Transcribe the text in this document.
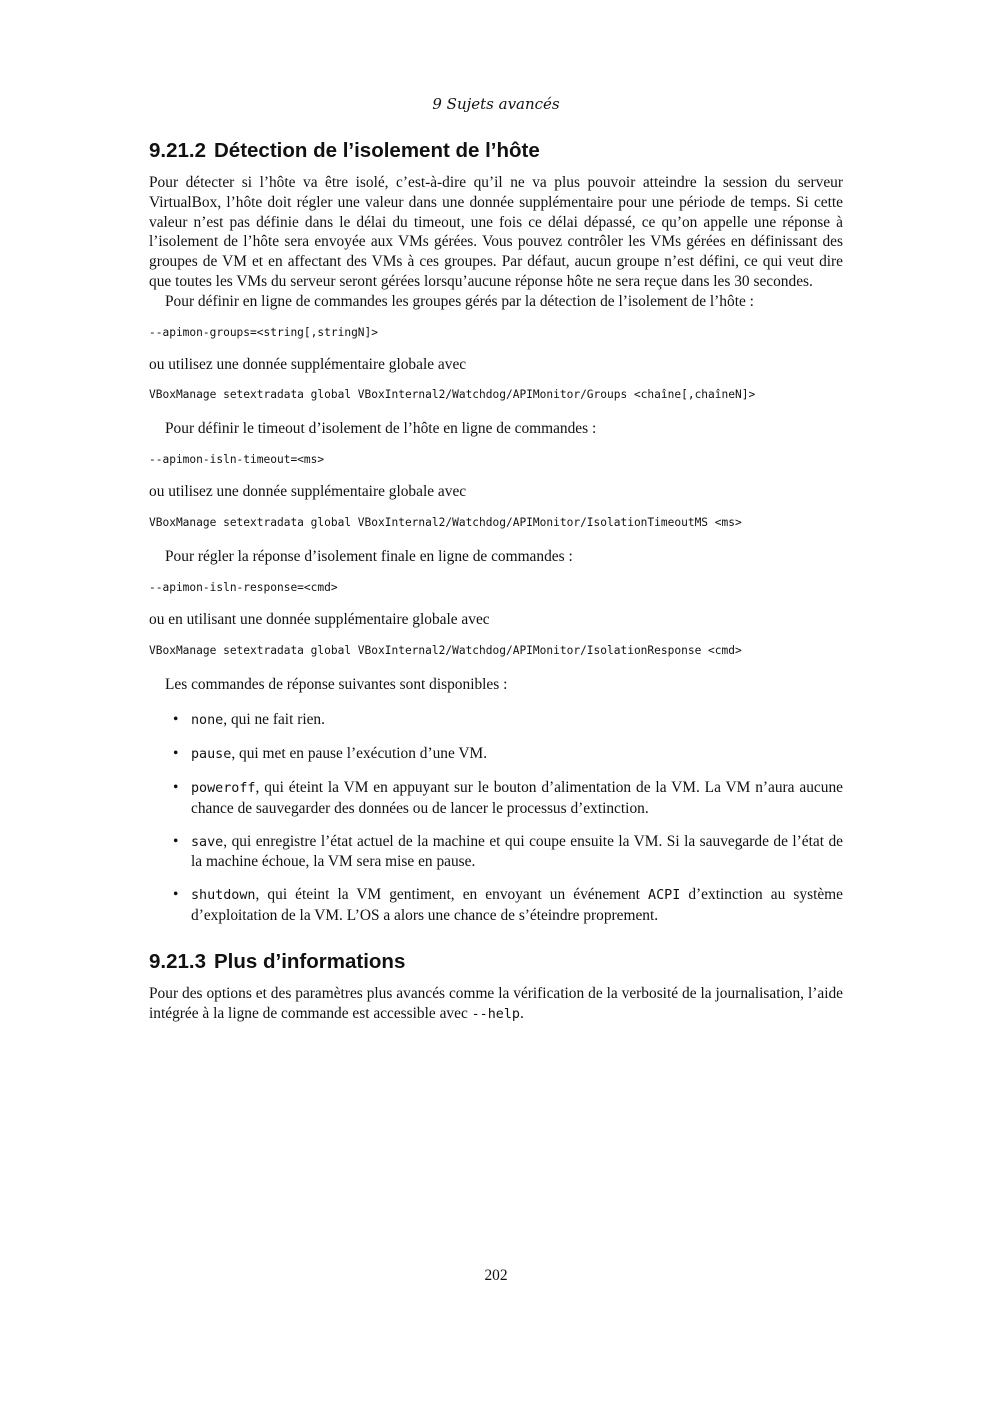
9 Sujets avancés
9.21.2 Détection de l’isolement de l’hôte

Pour détecter si l’hôte va être isolé, c’est-à-dire qu’il ne va plus pouvoir atteindre la session du serveur VirtualBox, l’hôte doit régler une valeur dans une donnée supplémentaire pour une période de temps. Si cette valeur n’est pas définie dans le délai du timeout, une fois ce délai dépassé, ce qu’on appelle une réponse à l’isolement de l’hôte sera envoyée aux VMs gérées. Vous pouvez contrôler les VMs gérées en définissant des groupes de VM et en affectant des VMs à ces groupes. Par défaut, aucun groupe n’est défini, ce qui veut dire que toutes les VMs du serveur seront gérées lorsqu’aucune réponse hôte ne sera reçue dans les 30 secondes.

Pour définir en ligne de commandes les groupes gérés par la détection de l’isolement de l’hôte :

--apimon-groups=<string[,stringN]>

ou utilisez une donnée supplémentaire globale avec

VBoxManage setextradata global VBoxInternal2/Watchdog/APIMonitor/Groups <chaîne[,chaîneN]>

Pour définir le timeout d’isolement de l’hôte en ligne de commandes :

--apimon-isln-timeout=<ms>

ou utilisez une donnée supplémentaire globale avec

VBoxManage setextradata global VBoxInternal2/Watchdog/APIMonitor/IsolationTimeoutMS <ms>

Pour régler la réponse d’isolement finale en ligne de commandes :

--apimon-isln-response=<cmd>

ou en utilisant une donnée supplémentaire globale avec

VBoxManage setextradata global VBoxInternal2/Watchdog/APIMonitor/IsolationResponse <cmd>

Les commandes de réponse suivantes sont disponibles :

• none, qui ne fait rien.
• pause, qui met en pause l’exécution d’une VM.
• poweroff, qui éteint la VM en appuyant sur le bouton d’alimentation de la VM. La VM n’aura aucune chance de sauvegarder des données ou de lancer le processus d’extinction.
• save, qui enregistre l’état actuel de la machine et qui coupe ensuite la VM. Si la sauvegarde de l’état de la machine échoue, la VM sera mise en pause.
• shutdown, qui éteint la VM gentiment, en envoyant un événement ACPI d’extinction au système d’exploitation de la VM. L’OS a alors une chance de s’éteindre proprement.
9.21.3 Plus d’informations

Pour des options et des paramètres plus avancés comme la vérification de la verbosité de la journalisation, l’aide intégrée à la ligne de commande est accessible avec --help.

202
